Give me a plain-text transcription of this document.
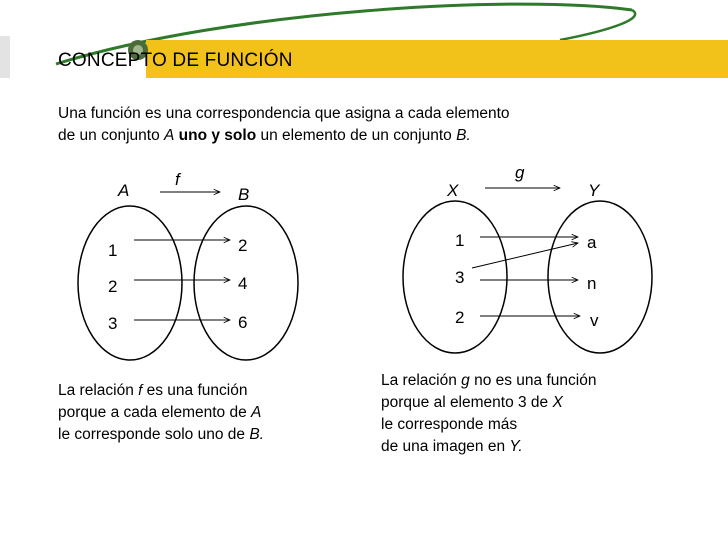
CONCEPTO DE FUNCIÓN
Una función es una correspondencia que asigna a cada elemento
de un conjunto A uno y solo un elemento de un conjunto B.
A
f
B
1
2
3
2
4
6
g
X	Y
1
3
2
a
n
v
La relación f es una función
porque a cada elemento de A
le corresponde solo uno de B.
La relación g no es una función
porque al elemento 3 de X
le corresponde más
de una imagen en Y.
